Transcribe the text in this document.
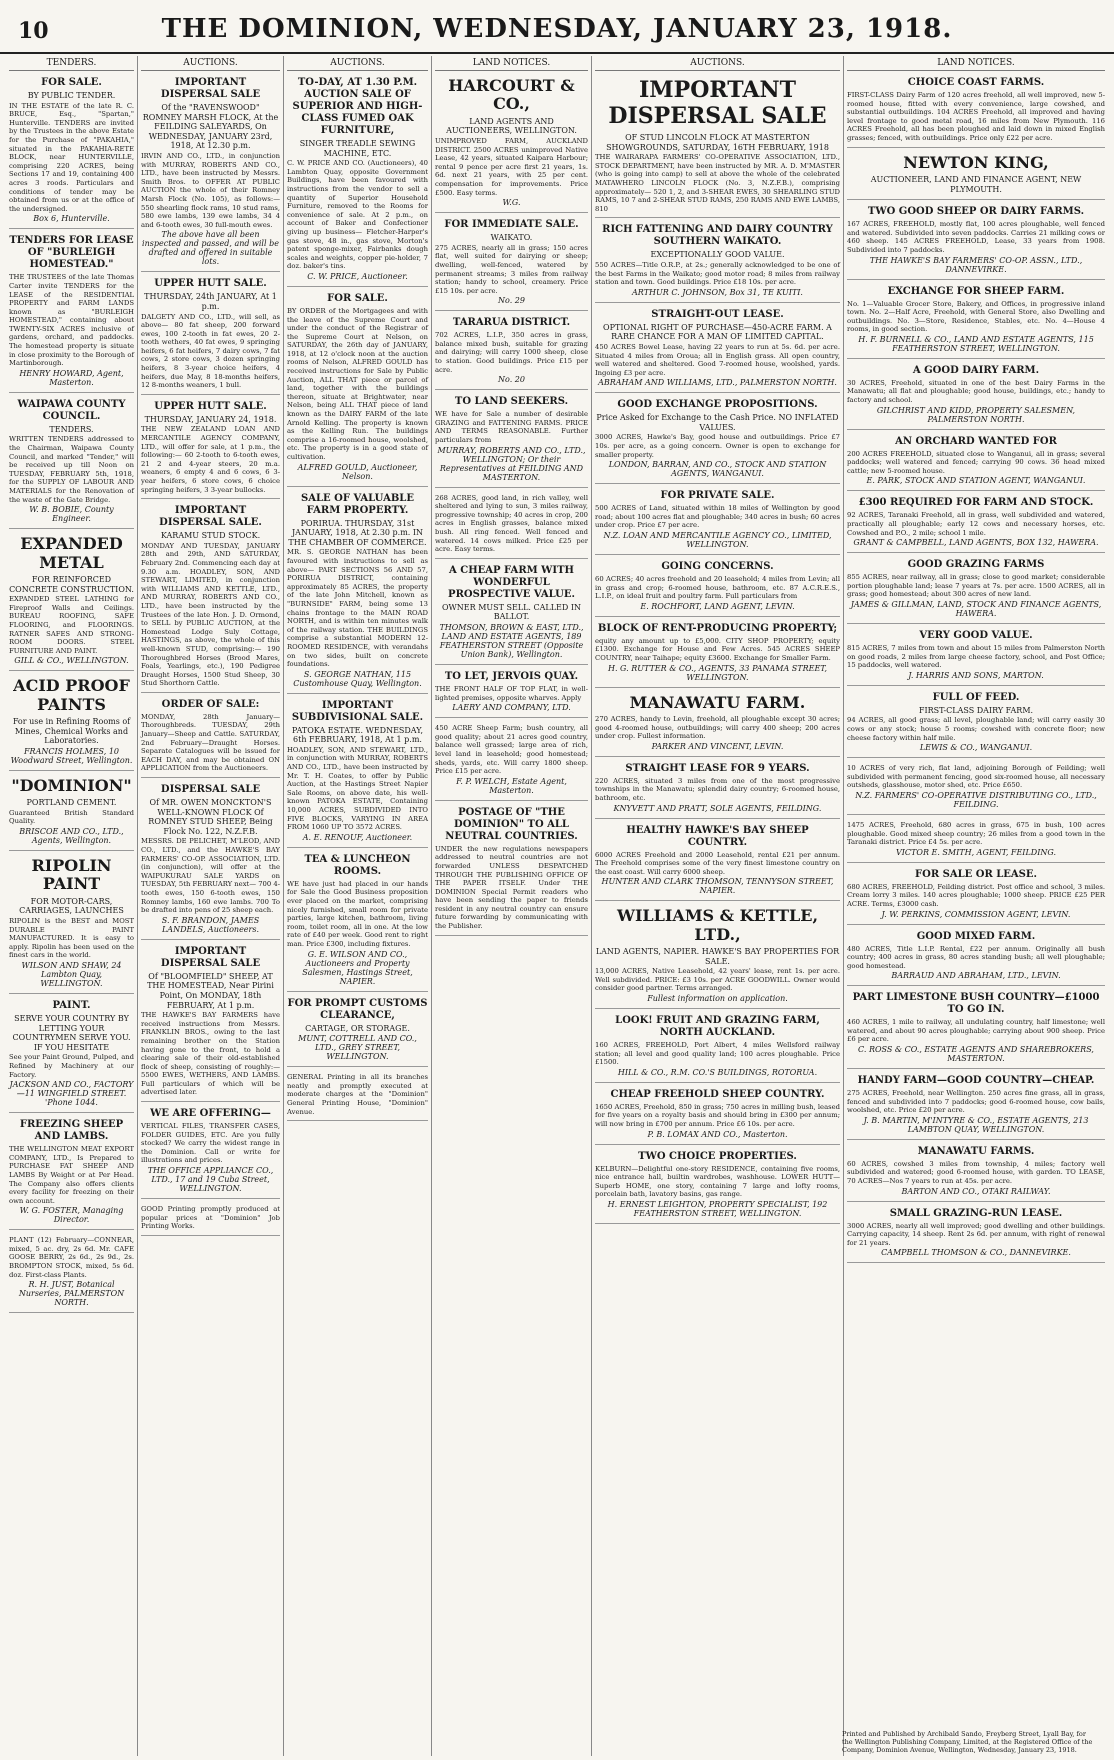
10	THE DOMINION, WEDNESDAY, JANUARY 23, 1918.
TENDERS.
FOR SALE.
BY PUBLIC TENDER.

IN THE ESTATE of the late R. C. BRUCE, Esq., "Spartan," Hunterville. TENDERS are invited by the Trustees in the above Estate for the Purchase of "PAKAHIA," situated in the PAKAHIA-RETE BLOCK, near HUNTERVILLE, comprising 220 ACRES, being Sections 17 and 19, containing 400 acres 3 roods. Particulars and conditions of tender may be obtained from us or at the office of the undersigned.

Box 6, Hunterville.
TENDERS FOR LEASE OF "BURLEIGH HOMESTEAD."

THE TRUSTEES of the late Thomas Carter invite TENDERS for the LEASE of the RESIDENTIAL PROPERTY and FARM LANDS known as "BURLEIGH HOMESTEAD," containing about TWENTY-SIX ACRES inclusive of gardens, orchard, and paddocks. The homestead property is situate in close proximity to the Borough of Martinborough.

HENRY HOWARD, Agent, Masterton.
WAIPAWA COUNTY COUNCIL.
TENDERS.

WRITTEN TENDERS addressed to the Chairman, Waipawa County Council, and marked "Tender," will be received up till Noon on TUESDAY, FEBRUARY 5th, 1918, for the SUPPLY OF LABOUR AND MATERIALS for the Renovation of the waste of the Gate Bridge.

W. B. BOBIE, County Engineer.
EXPANDED METAL
FOR REINFORCED CONCRETE CONSTRUCTION.

EXPANDED STEEL LATHING for Fireproof Walls and Ceilings. BUREAU ROOFING, SAFE FLOORING, and FLOORINGS. RATNER SAFES AND STRONG-ROOM DOORS. STEEL FURNITURE AND PAINT.

GILL & CO., WELLINGTON.
ACID PROOF PAINTS
For use in Refining Rooms of Mines, Chemical Works and Laboratories.
FRANCIS HOLMES, 10 Woodward Street, Wellington.
"DOMINION"
PORTLAND CEMENT.

Guaranteed British Standard Quality.

BRISCOE AND CO., LTD., Agents, Wellington.
RIPOLIN PAINT
FOR MOTOR-CARS, CARRIAGES, LAUNCHES

RIPOLIN is the BEST and MOST DURABLE PAINT MANUFACTURED. It is easy to apply. Ripolin has been used on the finest cars in the world.

WILSON AND SHAW, 24 Lambton Quay, WELLINGTON.
PAINT.
SERVE YOUR COUNTRY BY LETTING YOUR COUNTRYMEN SERVE YOU. IF YOU HESITATE

See your Paint Ground, Pulped, and Refined by Machinery at our Factory.

JACKSON AND CO., FACTORY—11 WINGFIELD STREET. 'Phone 1044.
FREEZING SHEEP AND LAMBS.

THE WELLINGTON MEAT EXPORT COMPANY, LTD., Is Prepared to PURCHASE FAT SHEEP AND LAMBS By Weight or at Per Head. The Company also offers clients every facility for freezing on their own account.

W. G. FOSTER, Managing Director.

PLANT (12) February—CONNEAR, mixed, 5 ac. dry, 2s 6d. Mr. CAFE GOOSE BERRY, 2s 6d., 2s 9d., 2s. BROMPTON STOCK, mixed, 5s 6d. doz. First-class Plants.

R. H. JUST, Botanical Nurseries, PALMERSTON NORTH.
AUCTIONS.
IMPORTANT DISPERSAL SALE
Of the "RAVENSWOOD" ROMNEY MARSH FLOCK, At the FEILDING SALEYARDS, On WEDNESDAY, JANUARY 23rd, 1918, At 12.30 p.m.

IRVIN AND CO., LTD., in conjunction with MURRAY, ROBERTS AND CO., LTD., have been instructed by Messrs. Smith Bros. to OFFER AT PUBLIC AUCTION the whole of their Romney Marsh Flock (No. 105), as follows:— 550 shearling flock rams, 10 stud rams, 580 ewe lambs, 139 ewe lambs, 34 4 and 6-tooth ewes, 30 full-mouth ewes.

The above have all been inspected and passed, and will be drafted and offered in suitable lots.
UPPER HUTT SALE.
THURSDAY, 24th JANUARY, At 1 p.m.

DALGETY AND CO., LTD., will sell, as above— 80 fat sheep, 200 forward ewes, 100 2-tooth in fat ewes, 20 2-tooth wethers, 40 fat ewes, 9 springing heifers, 6 fat heifers, 7 dairy cows, 7 fat cows, 2 store cows, 3 dozen springing heifers, 8 3-year choice heifers, 4 heifers, due May, 8 18-months heifers, 12 8-months weaners, 1 bull.

UPPER HUTT SALE.
THURSDAY, JANUARY 24, 1918.

THE NEW ZEALAND LOAN AND MERCANTILE AGENCY COMPANY, LTD., will offer for sale, at 1 p.m., the following:— 60 2-tooth to 6-tooth ewes, 21 2 and 4-year steers, 20 m.a. weaners, 6 empty 4 and 6 cows, 6 3-year heifers, 6 store cows, 6 choice springing heifers, 3 3-year bullocks.

IMPORTANT DISPERSAL SALE.
KARAMU STUD STOCK.

MONDAY AND TUESDAY, JANUARY 28th and 29th, AND SATURDAY, February 2nd. Commencing each day at 9.30 a.m. HOADLEY, SON, AND STEWART, LIMITED, in conjunction with WILLIAMS AND KETTLE, LTD., AND MURRAY, ROBERTS AND CO., LTD., have been instructed by the Trustees of the late Hon. J. D. Ormond, to SELL by PUBLIC AUCTION, at the Homestead Lodge Suly Cottage, HASTINGS, as above, the whole of this well-known STUD, comprising:— 190 Thoroughbred Horses (Brood Mares, Foals, Yearlings, etc.), 190 Pedigree Draught Horses, 1500 Stud Sheep, 30 Stud Shorthorn Cattle.

ORDER OF SALE:

MONDAY, 28th January—Thoroughbreds. TUESDAY, 29th January—Sheep and Cattle. SATURDAY, 2nd February—Draught Horses. Separate Catalogues will be issued for EACH DAY, and may be obtained ON APPLICATION from the Auctioneers.

DISPERSAL SALE
Of MR. OWEN MONCKTON'S WELL-KNOWN FLOCK Of ROMNEY STUD SHEEP, Being Flock No. 122, N.Z.F.B.

MESSRS. DE PELICHET, M'LEOD, AND CO., LTD., and the HAWKE'S BAY FARMERS' CO-OP. ASSOCIATION, LTD. (in conjunction), will offer at the WAIPUKURAU SALE YARDS on TUESDAY, 5th FEBRUARY next— 700 4-tooth ewes, 150 6-tooth ewes, 150 Romney lambs, 160 ewe lambs. 700 To be drafted into pens of 25 sheep each.

S. F. BRANDON, JAMES LANDELS, Auctioneers.
IMPORTANT DISPERSAL SALE
Of "BLOOMFIELD" SHEEP, AT THE HOMESTEAD, Near Pirini Point, On MONDAY, 18th FEBRUARY, At 1 p.m.

THE HAWKE'S BAY FARMERS have received instructions from Messrs. FRANKLIN BROS., owing to the last remaining brother on the Station having gone to the front, to hold a clearing sale of their old-established flock of sheep, consisting of roughly:— 5500 EWES, WETHERS, AND LAMBS. Full particulars of which will be advertised later.

WE ARE OFFERING—

VERTICAL FILES, TRANSFER CASES, FOLDER GUIDES, ETC. Are you fully stocked? We carry the widest range in the Dominion. Call or write for illustrations and prices.

THE OFFICE APPLIANCE CO., LTD., 17 and 19 Cuba Street, WELLINGTON.

GOOD Printing promptly produced at popular prices at "Dominion" Job Printing Works.

AUCTIONS.
TO-DAY, AT 1.30 P.M. AUCTION SALE OF SUPERIOR AND HIGH-CLASS FUMED OAK FURNITURE,
SINGER TREADLE SEWING MACHINE, ETC.

C. W. PRICE AND CO. (Auctioneers), 40 Lambton Quay, opposite Government Buildings, have been favoured with instructions from the vendor to sell a quantity of Superior Household Furniture, removed to the Rooms for convenience of sale. At 2 p.m., on account of Baker and Confectioner giving up business— Fletcher-Harper's gas stove, 48 in., gas stove, Morton's patent sponge-mixer, Fairbanks dough scales and weights, copper pie-holder, 7 doz. baker's tins.

C. W. PRICE, Auctioneer.
FOR SALE.

BY ORDER of the Mortgagees and with the leave of the Supreme Court and under the conduct of the Registrar of the Supreme Court at Nelson, on SATURDAY, the 26th day of JANUARY, 1918, at 12 o'clock noon at the auction rooms of Nelson, ALFRED GOULD has received instructions for Sale by Public Auction, ALL THAT piece or parcel of land, together with the buildings thereon, situate at Brightwater, near Nelson, being ALL THAT piece of land known as the DAIRY FARM of the late Arnold Kelling. The property is known as the Kelling Run. The buildings comprise a 16-roomed house, woolshed, etc. The property is in a good state of cultivation.

ALFRED GOULD, Auctioneer, Nelson.
SALE OF VALUABLE FARM PROPERTY.
PORIRUA. THURSDAY, 31st JANUARY, 1918, At 2.30 p.m. IN THE CHAMBER OF COMMERCE.

MR. S. GEORGE NATHAN has been favoured with instructions to sell as above— PART SECTIONS 56 AND 57, PORIRUA DISTRICT, containing approximately 85 ACRES, the property of the late John Mitchell, known as "BURNSIDE" FARM, being some 13 chains frontage to the MAIN ROAD NORTH, and is within ten minutes walk of the railway station. THE BUILDINGS comprise a substantial MODERN 12-ROOMED RESIDENCE, with verandahs on two sides, built on concrete foundations.

S. GEORGE NATHAN, 115 Customhouse Quay, Wellington.
IMPORTANT SUBDIVISIONAL SALE.
PATOKA ESTATE. WEDNESDAY, 6th FEBRUARY, 1918, At 1 p.m.

HOADLEY, SON, AND STEWART, LTD., in conjunction with MURRAY, ROBERTS AND CO., LTD., have been instructed by Mr. T. H. Coates, to offer by Public Auction, at the Hastings Street Napier Sale Rooms, on above date, his well-known PATOKA ESTATE, Containing 10,000 ACRES, SUBDIVIDED INTO FIVE BLOCKS, VARYING IN AREA FROM 1060 UP TO 3572 ACRES.

A. E. RENOUF, Auctioneer.
TEA & LUNCHEON ROOMS.

WE have just had placed in our hands for Sale the Good Business proposition ever placed on the market, comprising nicely furnished, small room for private parties, large kitchen, bathroom, living room, toilet room, all in one. At the low rate of £40 per week. Good rent to right man. Price £300, including fixtures.

G. E. WILSON AND CO., Auctioneers and Property Salesmen, Hastings Street, NAPIER.
FOR PROMPT CUSTOMS CLEARANCE,
CARTAGE, OR STORAGE.
MUNT, COTTRELL AND CO., LTD., GREY STREET, WELLINGTON.

GENERAL Printing in all its branches neatly and promptly executed at moderate charges at the "Dominion" General Printing House, "Dominion" Avenue.

LAND NOTICES.
HARCOURT & CO.,
LAND AGENTS AND AUCTIONEERS, WELLINGTON.

UNIMPROVED FARM, AUCKLAND DISTRICT. 2500 ACRES unimproved Native Lease, 42 years, situated Kaipara Harbour; rental 9 pence per acre first 21 years, 1s. 6d. next 21 years, with 25 per cent. compensation for improvements. Price £500. Easy terms.

W.G.
FOR IMMEDIATE SALE.
WAIKATO.

275 ACRES, nearly all in grass; 150 acres flat, well suited for dairying or sheep; dwelling, well-fenced, watered by permanent streams; 3 miles from railway station; handy to school, creamery. Price £15 10s. per acre.

No. 29
TARARUA DISTRICT.

702 ACRES, L.I.P., 350 acres in grass, balance mixed bush, suitable for grazing and dairying; will carry 1000 sheep, close to station. Good buildings. Price £15 per acre.

No. 20
TO LAND SEEKERS.

WE have for Sale a number of desirable GRAZING and FATTENING FARMS. PRICE AND TERMS REASONABLE. Further particulars from

MURRAY, ROBERTS AND CO., LTD., WELLINGTON; Or their Representatives at FEILDING AND MASTERTON.

268 ACRES, good land, in rich valley, well sheltered and lying to sun, 3 miles railway, progressive township; 40 acres in crop, 200 acres in English grasses, balance mixed bush. All ring fenced. Well fenced and watered. 14 cows milked. Price £25 per acre. Easy terms.

A CHEAP FARM WITH WONDERFUL PROSPECTIVE VALUE.
OWNER MUST SELL. CALLED IN BALLOT.
THOMSON, BROWN & EAST, LTD., LAND AND ESTATE AGENTS, 189 FEATHERSTON STREET (Opposite Union Bank), Wellington.
TO LET, JERVOIS QUAY.

THE FRONT HALF OF TOP FLAT, in well-lighted premises, opposite wharves. Apply

LAERY AND COMPANY, LTD.

450 ACRE Sheep Farm; bush country, all good quality; about 21 acres good country, balance well grassed; large area of rich, level land in leasehold; good homestead; sheds, yards, etc. Will carry 1800 sheep. Price £15 per acre.

F. P. WELCH, Estate Agent, Masterton.
POSTAGE OF "THE DOMINION" TO ALL NEUTRAL COUNTRIES.

UNDER the new regulations newspapers addressed to neutral countries are not forwarded UNLESS DESPATCHED THROUGH THE PUBLISHING OFFICE OF THE PAPER ITSELF. Under THE DOMINION Special Permit readers who have been sending the paper to friends resident in any neutral country can ensure future forwarding by communicating with the Publisher.

AUCTIONS.
IMPORTANT DISPERSAL SALE
OF STUD LINCOLN FLOCK AT MASTERTON SHOWGROUNDS, SATURDAY, 16TH FEBRUARY, 1918

THE WAIRARAPA FARMERS' CO-OPERATIVE ASSOCIATION, LTD., STOCK DEPARTMENT, have been instructed by MR. A. D. M'MASTER (who is going into camp) to sell at above the whole of the celebrated MATAWHERO LINCOLN FLOCK (No. 3, N.Z.F.B.), comprising approximately— 520 1, 2, and 3-SHEAR EWES, 30 SHEARLING STUD RAMS, 10 7 and 2-SHEAR STUD RAMS, 250 RAMS AND EWE LAMBS, 810

RICH FATTENING AND DAIRY COUNTRY SOUTHERN WAIKATO.
EXCEPTIONALLY GOOD VALUE.

550 ACRES—Title O.R.P., at 2s.; generally acknowledged to be one of the best Farms in the Waikato; good motor road; 8 miles from railway station and town. Good buildings. Price £18 10s. per acre.

ARTHUR C. JOHNSON, Box 31, TE KUITI.
STRAIGHT-OUT LEASE.
OPTIONAL RIGHT OF PURCHASE—450-ACRE FARM. A RARE CHANCE FOR A MAN OF LIMITED CAPITAL.

450 ACRES Bowel Lease, having 22 years to run at 5s. 6d. per acre. Situated 4 miles from Oroua; all in English grass. All open country, well watered and sheltered. Good 7-roomed house, woolshed, yards. Ingoing £3 per acre.

ABRAHAM AND WILLIAMS, LTD., PALMERSTON NORTH.
GOOD EXCHANGE PROPOSITIONS.
Price Asked for Exchange to the Cash Price. NO INFLATED VALUES.

3000 ACRES, Hawke's Bay, good house and outbuildings. Price £7 10s. per acre, as a going concern. Owner is open to exchange for smaller property.

LONDON, BARRAN, AND CO., STOCK AND STATION AGENTS, WANGANUI.
FOR PRIVATE SALE.

500 ACRES of Land, situated within 18 miles of Wellington by good road; about 100 acres flat and ploughable; 340 acres in bush; 60 acres under crop. Price £7 per acre.

N.Z. LOAN AND MERCANTILE AGENCY CO., LIMITED, WELLINGTON.
GOING CONCERNS.

60 ACRES; 40 acres freehold and 20 leasehold; 4 miles from Levin; all in grass and crop; 6-roomed house, bathroom, etc. 87 A.C.R.E.S., L.I.P., on ideal fruit and poultry farm. Full particulars from

E. ROCHFORT, LAND AGENT, LEVIN.
BLOCK OF RENT-PRODUCING PROPERTY;

equity any amount up to £5,000. CITY SHOP PROPERTY; equity £1300. Exchange for House and Few Acres. 545 ACRES SHEEP COUNTRY, near Taihape; equity £3600. Exchange for Smaller Farm.

H. G. RUTTER & CO., AGENTS, 33 PANAMA STREET, WELLINGTON.
MANAWATU FARM.

270 ACRES, handy to Levin, freehold, all ploughable except 30 acres; good 4-roomed house, outbuildings; will carry 400 sheep; 200 acres under crop. Fullest information.

PARKER AND VINCENT, LEVIN.
STRAIGHT LEASE FOR 9 YEARS.

220 ACRES, situated 3 miles from one of the most progressive townships in the Manawatu; splendid dairy country; 6-roomed house, bathroom, etc.

KNYVETT AND PRATT, SOLE AGENTS, FEILDING.
HEALTHY HAWKE'S BAY SHEEP COUNTRY.

6000 ACRES Freehold and 2000 Leasehold, rental £21 per annum. The Freehold comprises some of the very finest limestone country on the east coast. Will carry 6000 sheep.

HUNTER AND CLARK THOMSON, TENNYSON STREET, NAPIER.
WILLIAMS & KETTLE, LTD.,
LAND AGENTS, NAPIER. HAWKE'S BAY PROPERTIES FOR SALE.

13,000 ACRES, Native Leasehold, 42 years' lease, rent 1s. per acre. Well subdivided. PRICE: £3 10s. per ACRE GOODWILL. Owner would consider good partner. Terms arranged.

Fullest information on application.
LOOK! FRUIT AND GRAZING FARM, NORTH AUCKLAND.

160 ACRES, FREEHOLD, Port Albert, 4 miles Wellsford railway station; all level and good quality land; 100 acres ploughable. Price £1500.

HILL & CO., R.M. CO.'S BUILDINGS, ROTORUA.
CHEAP FREEHOLD SHEEP COUNTRY.

1650 ACRES, Freehold, 850 in grass; 750 acres in milling bush, leased for five years on a royalty basis and should bring in £300 per annum; will now bring in £700 per annum. Price £6 10s. per acre.

P. B. LOMAX AND CO., Masterton.
TWO CHOICE PROPERTIES.

KELBURN—Delightful one-story RESIDENCE, containing five rooms, nice entrance hall, builtin wardrobes, washhouse. LOWER HUTT—Superb HOME, one story, containing 7 large and lofty rooms, porcelain bath, lavatory basins, gas range.

H. ERNEST LEIGHTON, PROPERTY SPECIALIST, 192 FEATHERSTON STREET, WELLINGTON.
LAND NOTICES.
CHOICE COAST FARMS.

FIRST-CLASS Dairy Farm of 120 acres freehold, all well improved, new 5-roomed house, fitted with every convenience, large cowshed, and substantial outbuildings. 104 ACRES Freehold, all improved and having level frontage to good metal road, 16 miles from New Plymouth. 116 ACRES Freehold, all has been ploughed and laid down in mixed English grasses; fenced, with outbuildings. Price only £22 per acre.

NEWTON KING,
AUCTIONEER, LAND AND FINANCE AGENT, NEW PLYMOUTH.
TWO GOOD SHEEP OR DAIRY FARMS.

167 ACRES, FREEHOLD, mostly flat, 100 acres ploughable, well fenced and watered. Subdivided into seven paddocks. Carries 21 milking cows or 460 sheep. 145 ACRES FREEHOLD, Lease, 33 years from 1908. Subdivided into 7 paddocks.

THE HAWKE'S BAY FARMERS' CO-OP. ASSN., LTD., DANNEVIRKE.
EXCHANGE FOR SHEEP FARM.

No. 1—Valuable Grocer Store, Bakery, and Offices, in progressive inland town. No. 2—Half Acre, Freehold, with General Store, also Dwelling and outbuildings. No. 3—Store, Residence, Stables, etc. No. 4—House 4 rooms, in good section.

H. F. BURNELL & CO., LAND AND ESTATE AGENTS, 115 FEATHERSTON STREET, WELLINGTON.
A GOOD DAIRY FARM.

30 ACRES, Freehold, situated in one of the best Dairy Farms in the Manawatu; all flat and ploughable; good house, buildings, etc.; handy to factory and school.

GILCHRIST AND KIDD, PROPERTY SALESMEN, PALMERSTON NORTH.
AN ORCHARD WANTED FOR

200 ACRES FREEHOLD, situated close to Wanganui, all in grass; several paddocks; well watered and fenced; carrying 90 cows. 36 head mixed cattle; new 5-roomed house.

E. PARK, STOCK AND STATION AGENT, WANGANUI.
£300 REQUIRED FOR FARM AND STOCK.

92 ACRES, Taranaki Freehold, all in grass, well subdivided and watered, practically all ploughable; early 12 cows and necessary horses, etc. Cowshed and P.O., 2 mile; school 1 mile.

GRANT & CAMPBELL, LAND AGENTS, BOX 132, HAWERA.
GOOD GRAZING FARMS

855 ACRES, near railway, all in grass; close to good market; considerable portion ploughable land; lease 7 years at 7s. per acre. 1500 ACRES, all in grass; good homestead; about 300 acres of new land.

JAMES & GILLMAN, LAND, STOCK AND FINANCE AGENTS, HAWERA.
VERY GOOD VALUE.

815 ACRES, 7 miles from town and about 15 miles from Palmerston North on good roads, 2 miles from large cheese factory, school, and Post Office; 15 paddocks, well watered.

J. HARRIS AND SONS, MARTON.
FULL OF FEED.
FIRST-CLASS DAIRY FARM.

94 ACRES, all good grass; all level, ploughable land; will carry easily 30 cows or any stock; house 5 rooms; cowshed with concrete floor; new cheese factory within half mile.

LEWIS & CO., WANGANUI.

10 ACRES of very rich, flat land, adjoining Borough of Feilding; well subdivided with permanent fencing, good six-roomed house, all necessary outsheds, glasshouse, motor shed, etc. Price £650.

N.Z. FARMERS' CO-OPERATIVE DISTRIBUTING CO., LTD., FEILDING.

1475 ACRES, Freehold, 680 acres in grass, 675 in bush, 100 acres ploughable. Good mixed sheep country; 26 miles from a good town in the Taranaki district. Price £4 5s. per acre.

VICTOR E. SMITH, AGENT, FEILDING.
FOR SALE OR LEASE.

680 ACRES, FREEHOLD, Feilding district. Post office and school, 3 miles. Cream lorry 3 miles. 140 acres ploughable; 1000 sheep. PRICE £25 PER ACRE. Terms, £3000 cash.

J. W. PERKINS, COMMISSION AGENT, LEVIN.
GOOD MIXED FARM.

480 ACRES, Title L.I.P. Rental, £22 per annum. Originally all bush country; 400 acres in grass, 80 acres standing bush; all well ploughable; good homestead.

BARRAUD AND ABRAHAM, LTD., LEVIN.
PART LIMESTONE BUSH COUNTRY—£1000 TO GO IN.

460 ACRES, 1 mile to railway, all undulating country, half limestone; well watered, and about 90 acres ploughable; carrying about 900 sheep. Price £6 per acre.

C. ROSS & CO., ESTATE AGENTS AND SHAREBROKERS, MASTERTON.
HANDY FARM—GOOD COUNTRY—CHEAP.

275 ACRES, Freehold, near Wellington. 250 acres fine grass, all in grass, fenced and subdivided into 7 paddocks; good 6-roomed house, cow bails, woolshed, etc. Price £20 per acre.

J. B. MARTIN, M'INTYRE & CO., ESTATE AGENTS, 213 LAMBTON QUAY, WELLINGTON.
MANAWATU FARMS.

60 ACRES, cowshed 3 miles from township, 4 miles; factory well subdivided and watered; good 6-roomed house, with garden. TO LEASE, 70 ACRES—Nos 7 years to run at 45s. per acre.

BARTON AND CO., OTAKI RAILWAY.
SMALL GRAZING-RUN LEASE.

3000 ACRES, nearly all well improved; good dwelling and other buildings. Carrying capacity, 14 sheep. Rent 2s 6d. per annum, with right of renewal for 21 years.

CAMPBELL THOMSON & CO., DANNEVIRKE.
Printed and Published by Archibald Sando, Freyberg Street, Lyall Bay, for the Wellington Publishing Company, Limited, at the Registered Office of the Company, Dominion Avenue, Wellington, Wednesday, January 23, 1918.
